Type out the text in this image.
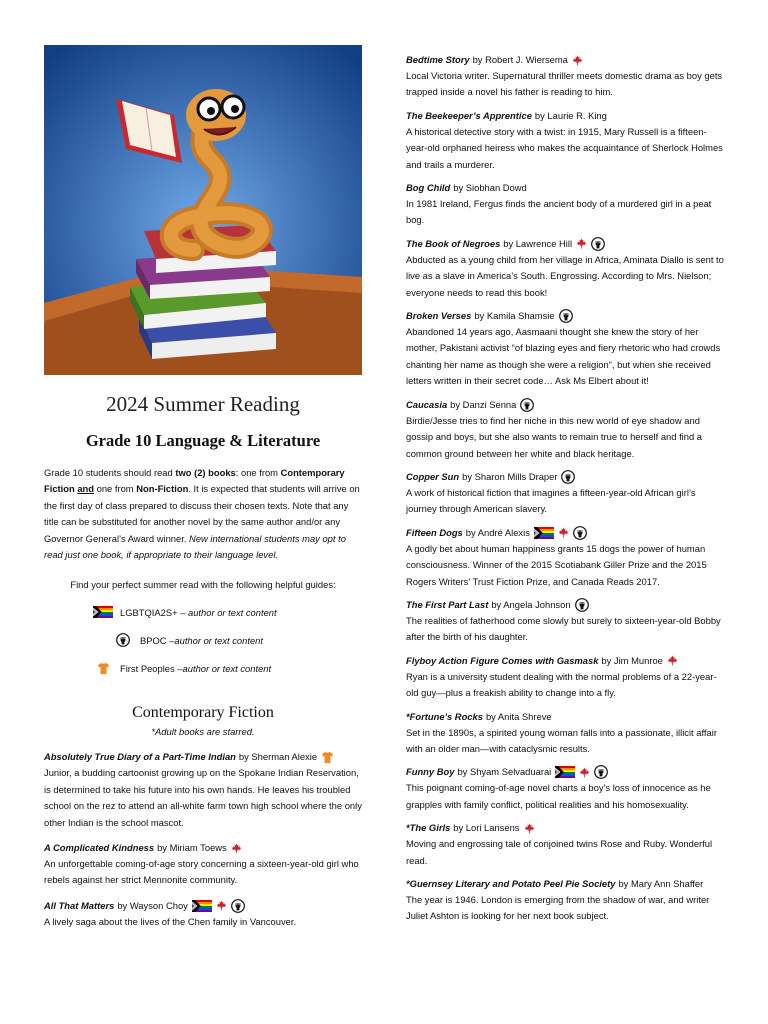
2024 Summer Reading
Grade 10 Language & Literature
Grade 10 students should read two (2) books: one from Contemporary Fiction and one from Non-Fiction. It is expected that students will arrive on the first day of class prepared to discuss their chosen texts. Note that any title can be substituted for another novel by the same author and/or any Governor General’s Award winner. New international students may opt to read just one book, if appropriate to their language level.
Find your perfect summer read with the following helpful guides:
LGBTQIA2S+
– author or text content
BPOC – author or text content
First Peoples – author or text content
Contemporary Fiction
*Adult books are starred.
Absolutely True Diary of a Part-Time Indian by Sherman Alexie
Junior, a budding cartoonist growing up on the Spokane Indian Reservation, is determined to take his future into his own hands. He leaves his troubled school on the rez to attend an all-white farm town high school where the only other Indian is the school mascot.
A Complicated Kindness by Miriam Toews
An unforgettable coming-of-age story concerning a sixteen-year-old girl who rebels against her strict Mennonite community.
All That Matters by Wayson Choy
A lively saga about the lives of the Chen family in Vancouver.
Bedtime Story by Robert J. Wiersema
Local Victoria writer. Supernatural thriller meets domestic drama as boy gets trapped inside a novel his father is reading to him.
The Beekeeper’s Apprentice by Laurie R. King
A historical detective story with a twist: in 1915, Mary Russell is a fifteen-year-old orphaned heiress who makes the acquaintance of Sherlock Holmes and trails a murderer.
Bog Child by Siobhan Dowd
In 1981 Ireland, Fergus finds the ancient body of a murdered girl in a peat bog.
The Book of Negroes by Lawrence Hill
Abducted as a young child from her village in Africa, Aminata Diallo is sent to live as a slave in America’s South. Engrossing. According to Mrs. Nielson; everyone needs to read this book!
Broken Verses by Kamila Shamsie
Abandoned 14 years ago, Aasmaani thought she knew the story of her mother, Pakistani activist “of blazing eyes and fiery rhetoric who had crowds chanting her name as though she were a religion”, but when she received letters written in their secret code… Ask Ms Elbert about it!
Caucasia by Danzi Senna
Birdie/Jesse tries to find her niche in this new world of eye shadow and gossip and boys, but she also wants to remain true to herself and find a common ground between her white and black heritage.
Copper Sun by Sharon Mills Draper
A work of historical fiction that imagines a fifteen-year-old African girl’s journey through American slavery.
Fifteen Dogs by André Alexis
A godly bet about human happiness grants 15 dogs the power of human consciousness. Winner of the 2015 Scotiabank Giller Prize and the 2015 Rogers Writers’ Trust Fiction Prize, and Canada Reads 2017.
The First Part Last by Angela Johnson
The realities of fatherhood come slowly but surely to sixteen-year-old Bobby after the birth of his daughter.
Flyboy Action Figure Comes with Gasmask by Jim Munroe
Ryan is a university student dealing with the normal problems of a 22-year-old guy—plus a freakish ability to change into a fly.
*Fortune’s Rocks by Anita Shreve
Set in the 1890s, a spirited young woman falls into a passionate, illicit affair with an older man—with cataclysmic results.
Funny Boy by Shyam Selvaduarai
This poignant coming-of-age novel charts a boy’s loss of innocence as he grapples with family conflict, political realities and his homosexuality.
*The Girls by Lori Lansens
Moving and engrossing tale of conjoined twins Rose and Ruby. Wonderful read.
*Guernsey Literary and Potato Peel Pie Society by Mary Ann Shaffer
The year is 1946. London is emerging from the shadow of war, and writer Juliet Ashton is looking for her next book subject.
